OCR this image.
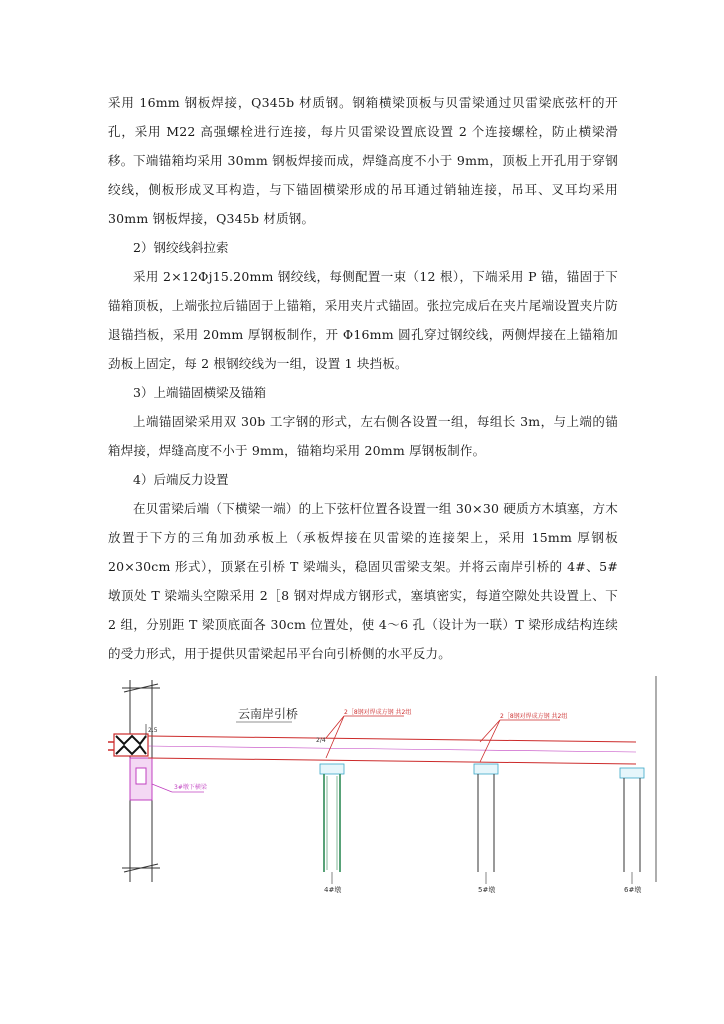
采用 16mm 钢板焊接，Q345b 材质钢。钢箱横梁顶板与贝雷梁通过贝雷梁底弦杆的开孔，采用 M22 高强螺栓进行连接，每片贝雷梁设置底设置 2 个连接螺栓，防止横梁滑移。 下端锚箱均采用 30mm 钢板焊接而成，焊缝高度不小于 9mm，顶板上开孔用于穿钢绞线，侧板形成叉耳构造，与下锚固横梁形成的吊耳通过销轴连接，吊耳、叉耳均采用 30mm 钢板焊接，Q345b 材质钢。

2）钢绞线斜拉索

采用 2×12Φj15.20mm 钢绞线，每侧配置一束（12 根），下端采用 P 锚，锚固于下锚箱顶板，上端张拉后锚固于上锚箱，采用夹片式锚固。张拉完成后在夹片尾端设置夹片防退锚挡板，采用 20mm 厚钢板制作，开 Φ16mm 圆孔穿过钢绞线，两侧焊接在上锚箱加劲板上固定，每 2 根钢绞线为一组，设置 1 块挡板。

3）上端锚固横梁及锚箱

上端锚固梁采用双 30b 工字钢的形式，左右侧各设置一组，每组长 3m，与上端的锚箱焊接，焊缝高度不小于 9mm，锚箱均采用 20mm 厚钢板制作。

4）后端反力设置

在贝雷梁后端（下横梁一端）的上下弦杆位置各设置一组 30×30 硬质方木填塞，方木放置于下方的三角加劲承板上（承板焊接在贝雷梁的连接架上，采用 15mm 厚钢板 20×30cm 形式），顶紧在引桥 T 梁端头，稳固贝雷梁支架。并将云南岸引桥的 4#、5#墩顶处 T 梁端头空隙采用 2［8 钢对焊成方钢形式，塞填密实，每道空隙处共设置上、下 2 组，分别距 T 梁顶底面各 30cm 位置处，使 4～6 孔（设计为一联）T 梁形成结构连续的受力形式，用于提供贝雷梁起吊平台向引桥侧的水平反力。

3#墩下横梁
2.5
云南岸引桥	2［8钢对焊成方钢 共2组
2/4
2［8钢对焊成方钢 共2组
4#墩	5#墩	6#墩
